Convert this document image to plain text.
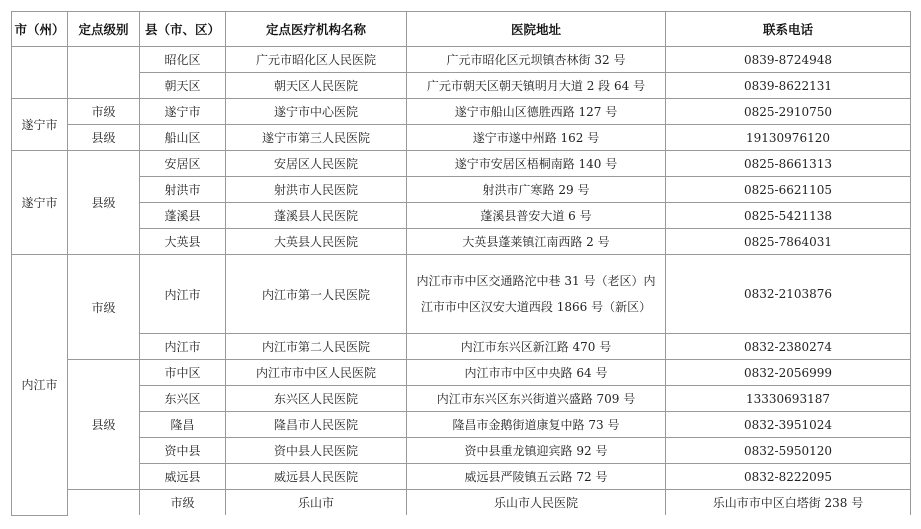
市（州）	定点级别	县（市、区）	定点医疗机构名称	医院地址	联系电话	
		昭化区	广元市昭化区人民医院	广元市昭化区元坝镇杏林街 32 号	0839-8724948	
		朝天区	朝天区人民医院	广元市朝天区朝天镇明月大道 2 段 64 号	0839-8622131	
遂宁市	市级	遂宁市	遂宁市中心医院	遂宁市船山区德胜西路 127 号	0825-2910750	
	县级	船山区	遂宁市第三人民医院	遂宁市遂中州路 162 号	19130976120	
遂宁市	县级	安居区	安居区人民医院	遂宁市安居区梧桐南路 140 号	0825-8661313	
		射洪市	射洪市人民医院	射洪市广寒路 29 号	0825-6621105	
		蓬溪县	蓬溪县人民医院	蓬溪县普安大道 6 号	0825-5421138	
		大英县	大英县人民医院	大英县蓬莱镇江南西路 2 号	0825-7864031	
内江市	市级	内江市	内江市第一人民医院	内江市市中区交通路沱中巷 31 号（老区）内江市市中区汉安大道西段 1866 号（新区）	0832-2103876	
		内江市	内江市第二人民医院	内江市东兴区新江路 470 号	0832-2380274	
	县级	市中区	内江市市中区人民医院	内江市市中区中央路 64 号	0832-2056999	
		东兴区	东兴区人民医院	内江市东兴区东兴街道兴盛路 709 号	13330693187	
		隆昌	隆昌市人民医院	隆昌市金鹅街道康复中路 73 号	0832-3951024	
		资中县	资中县人民医院	资中县重龙镇迎宾路 92 号	0832-5950120	
		威远县	威远县人民医院	威远县严陵镇五云路 72 号	0832-8222095	
		市级	乐山市	乐山市人民医院	乐山市市中区白塔街 238 号	
